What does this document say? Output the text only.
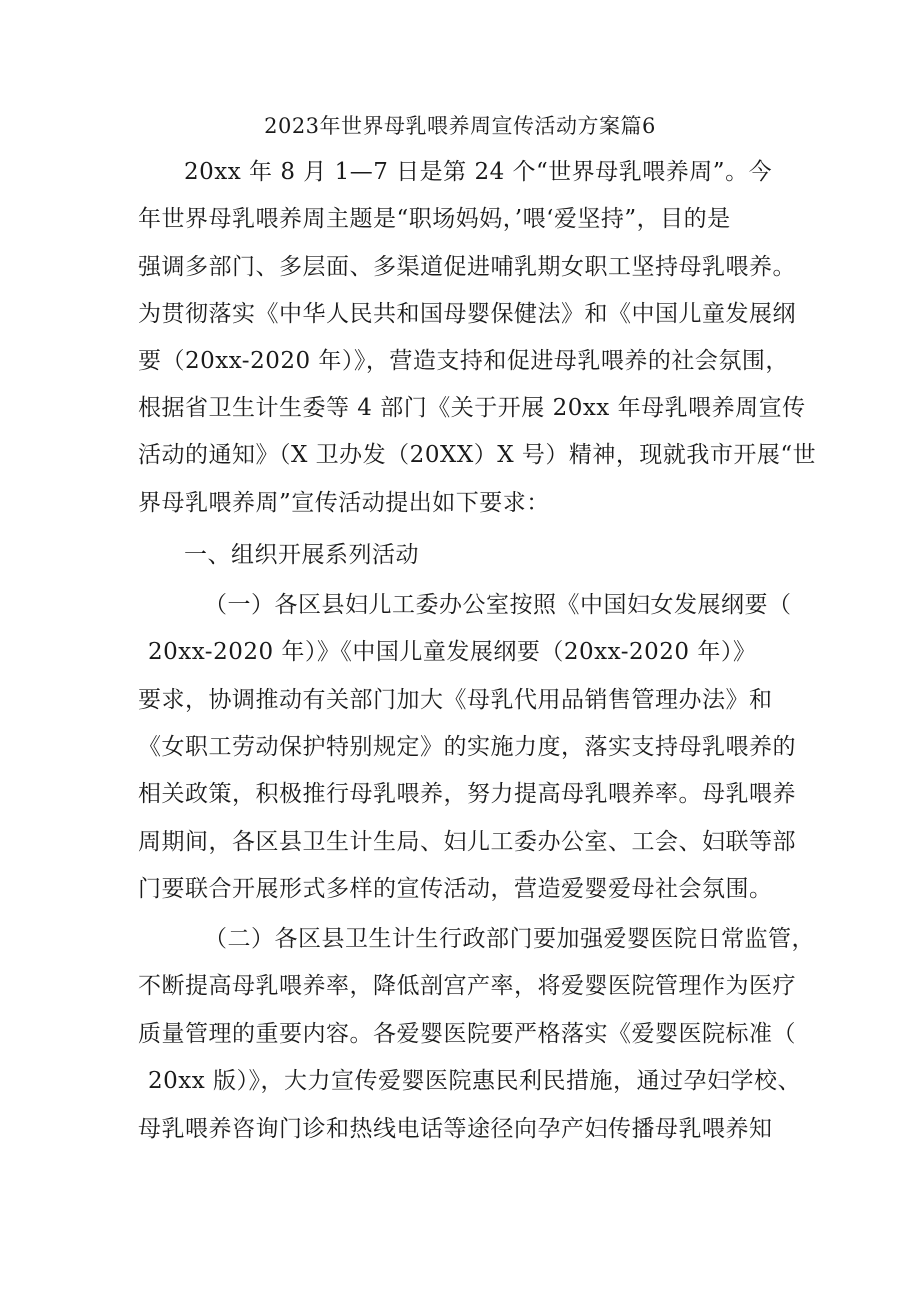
2023年世界母乳喂养周宣传活动方案篇6
20xx 年 8 月 1—7 日是第 24 个“世界母乳喂养周”。今
年世界母乳喂养周主题是“职场妈妈，’喂‘爱坚持”，目的是
强调多部门、多层面、多渠道促进哺乳期女职工坚持母乳喂养。
为贯彻落实《中华人民共和国母婴保健法》和《中国儿童发展纲
要（20xx-2020 年）》，营造支持和促进母乳喂养的社会氛围，
根据省卫生计生委等 4 部门《关于开展 20xx 年母乳喂养周宣传
活动的通知》（X 卫办发（20XX）X 号）精神，现就我市开展“世
界母乳喂养周”宣传活动提出如下要求：
一、组织开展系列活动
（一）各区县妇儿工委办公室按照《中国妇女发展纲要（
20xx-2020 年）》《中国儿童发展纲要（20xx-2020 年）》
要求，协调推动有关部门加大《母乳代用品销售管理办法》和
《女职工劳动保护特别规定》的实施力度，落实支持母乳喂养的
相关政策，积极推行母乳喂养，努力提高母乳喂养率。母乳喂养
周期间，各区县卫生计生局、妇儿工委办公室、工会、妇联等部
门要联合开展形式多样的宣传活动，营造爱婴爱母社会氛围。
（二）各区县卫生计生行政部门要加强爱婴医院日常监管，
不断提高母乳喂养率，降低剖宫产率，将爱婴医院管理作为医疗
质量管理的重要内容。各爱婴医院要严格落实《爱婴医院标准（
20xx 版）》，大力宣传爱婴医院惠民利民措施，通过孕妇学校、
母乳喂养咨询门诊和热线电话等途径向孕产妇传播母乳喂养知
